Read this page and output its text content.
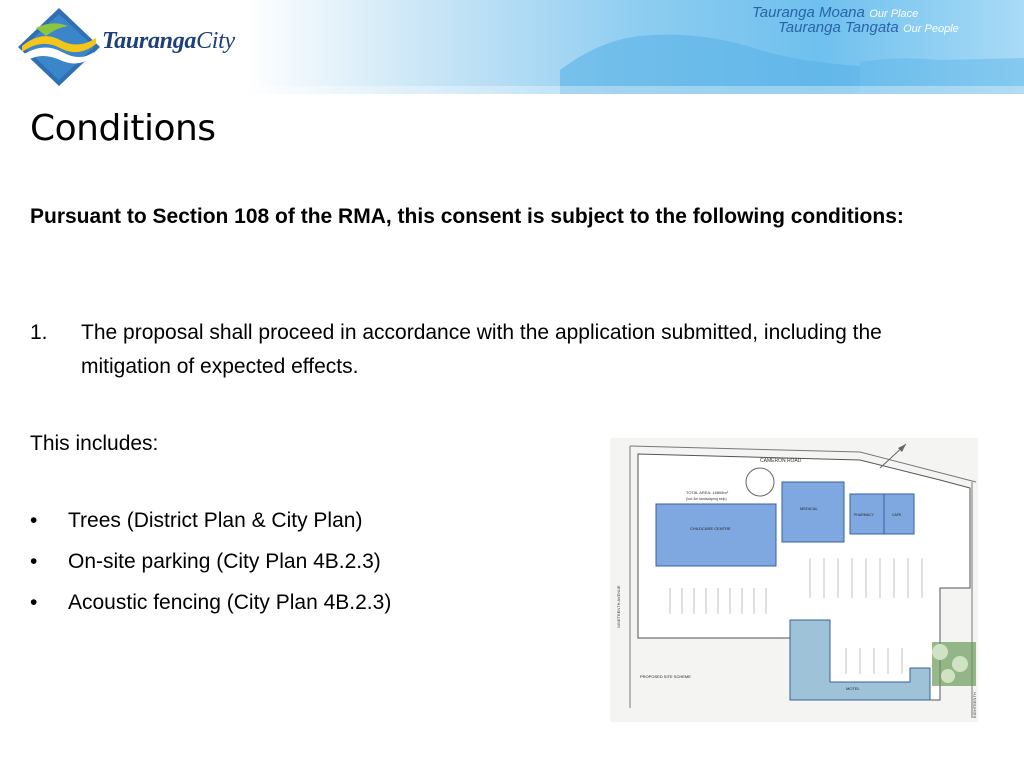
TaurangaCity
Tauranga Moana Our Place
Tauranga Tangata Our People
Conditions
Pursuant to Section 108 of the RMA, this consent is subject to the following conditions:
1. The proposal shall proceed in accordance with the application submitted, including the mitigation of expected effects.
This includes:
• Trees (District Plan & City Plan)
• On-site parking (City Plan 4B.2.3)
• Acoustic fencing (City Plan 4B.2.3)
CAMERON ROAD
TOTAL AREA: 1​6808m²
(incl 3m landscaping strip)
CHILDCARE CENTRE
MEDICAL
PHARMACY	CAFE
MOTEL
PROPOSED SITE SCHEME
NINETEENTH AVENUE
EIGHTEENTH
